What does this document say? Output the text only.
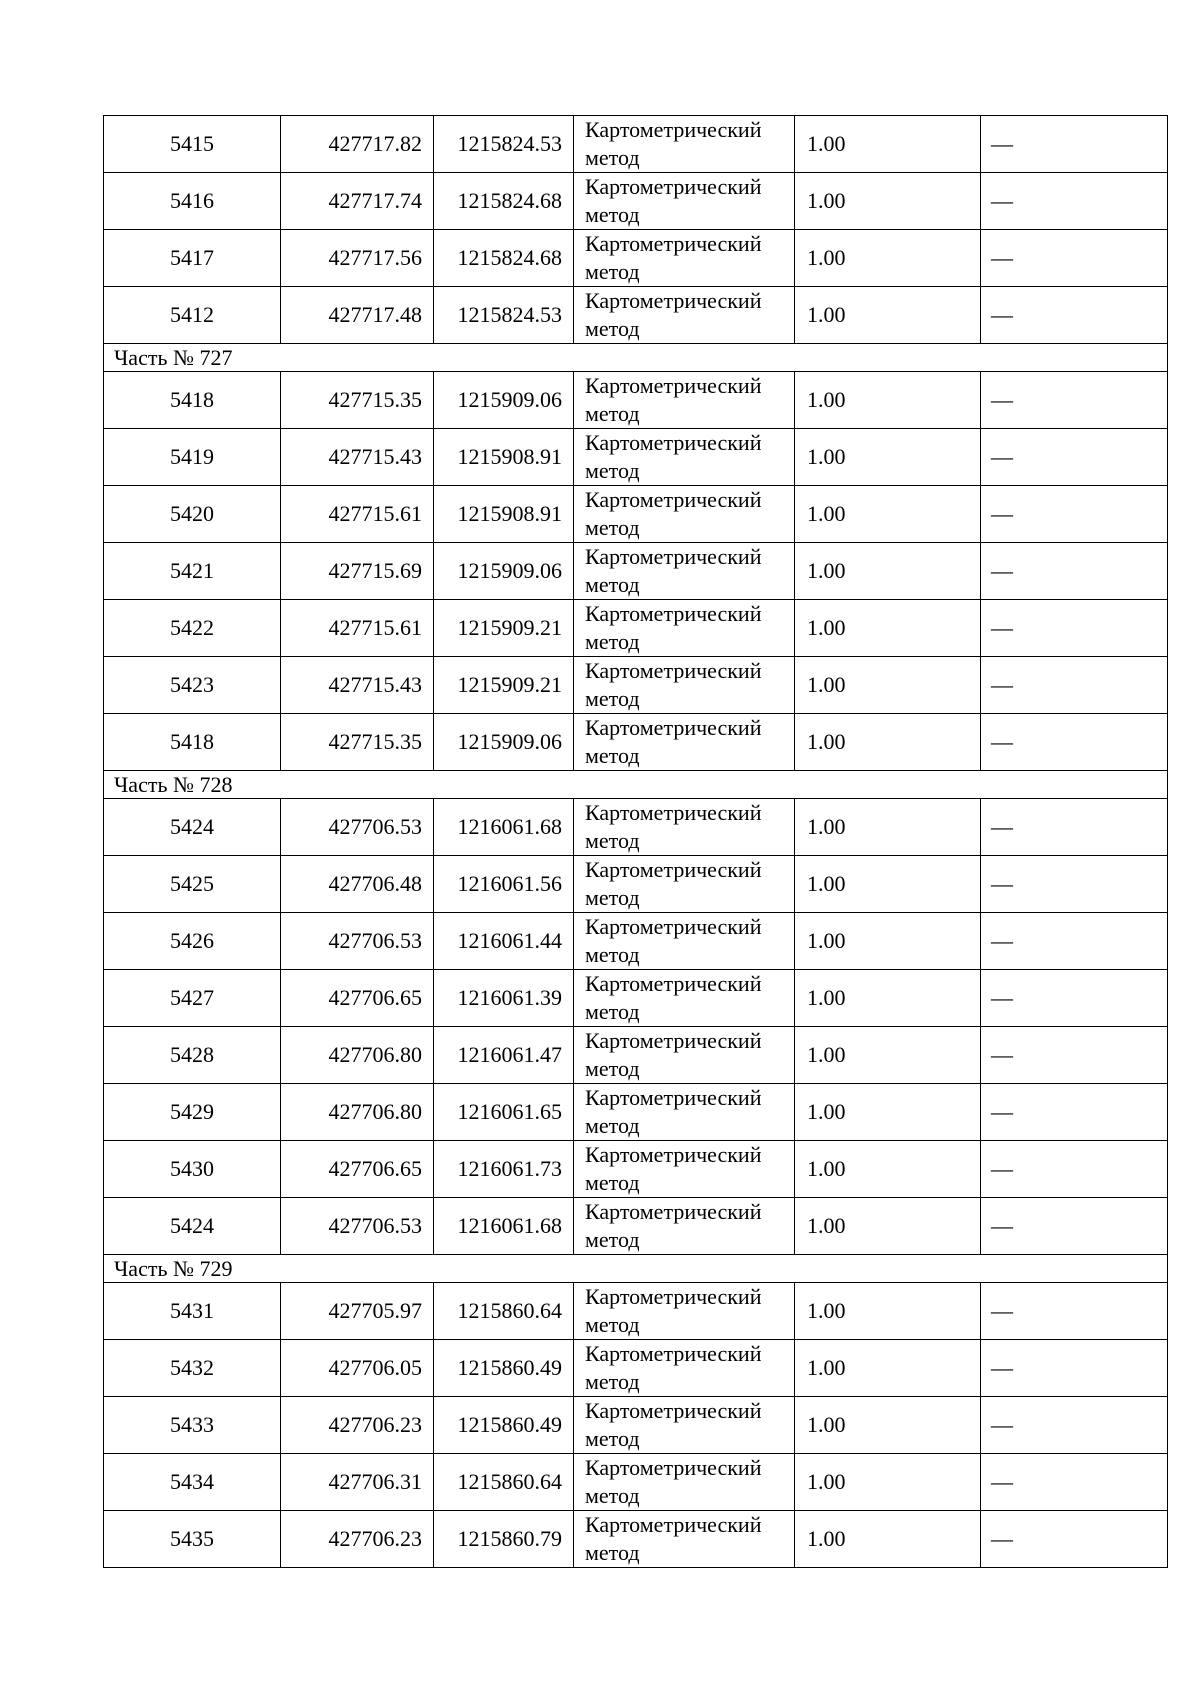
5415	427717.82	1215824.53	Картометрический
метод	1.00	—
5416	427717.74	1215824.68	Картометрический
метод	1.00	—
5417	427717.56	1215824.68	Картометрический
метод	1.00	—
5412	427717.48	1215824.53	Картометрический
метод	1.00	—
Часть № 727					
5418	427715.35	1215909.06	Картометрический
метод	1.00	—
5419	427715.43	1215908.91	Картометрический
метод	1.00	—
5420	427715.61	1215908.91	Картометрический
метод	1.00	—
5421	427715.69	1215909.06	Картометрический
метод	1.00	—
5422	427715.61	1215909.21	Картометрический
метод	1.00	—
5423	427715.43	1215909.21	Картометрический
метод	1.00	—
5418	427715.35	1215909.06	Картометрический
метод	1.00	—
Часть № 728					
5424	427706.53	1216061.68	Картометрический
метод	1.00	—
5425	427706.48	1216061.56	Картометрический
метод	1.00	—
5426	427706.53	1216061.44	Картометрический
метод	1.00	—
5427	427706.65	1216061.39	Картометрический
метод	1.00	—
5428	427706.80	1216061.47	Картометрический
метод	1.00	—
5429	427706.80	1216061.65	Картометрический
метод	1.00	—
5430	427706.65	1216061.73	Картометрический
метод	1.00	—
5424	427706.53	1216061.68	Картометрический
метод	1.00	—
Часть № 729					
5431	427705.97	1215860.64	Картометрический
метод	1.00	—
5432	427706.05	1215860.49	Картометрический
метод	1.00	—
5433	427706.23	1215860.49	Картометрический
метод	1.00	—
5434	427706.31	1215860.64	Картометрический
метод	1.00	—
5435	427706.23	1215860.79	Картометрический
метод	1.00	—
